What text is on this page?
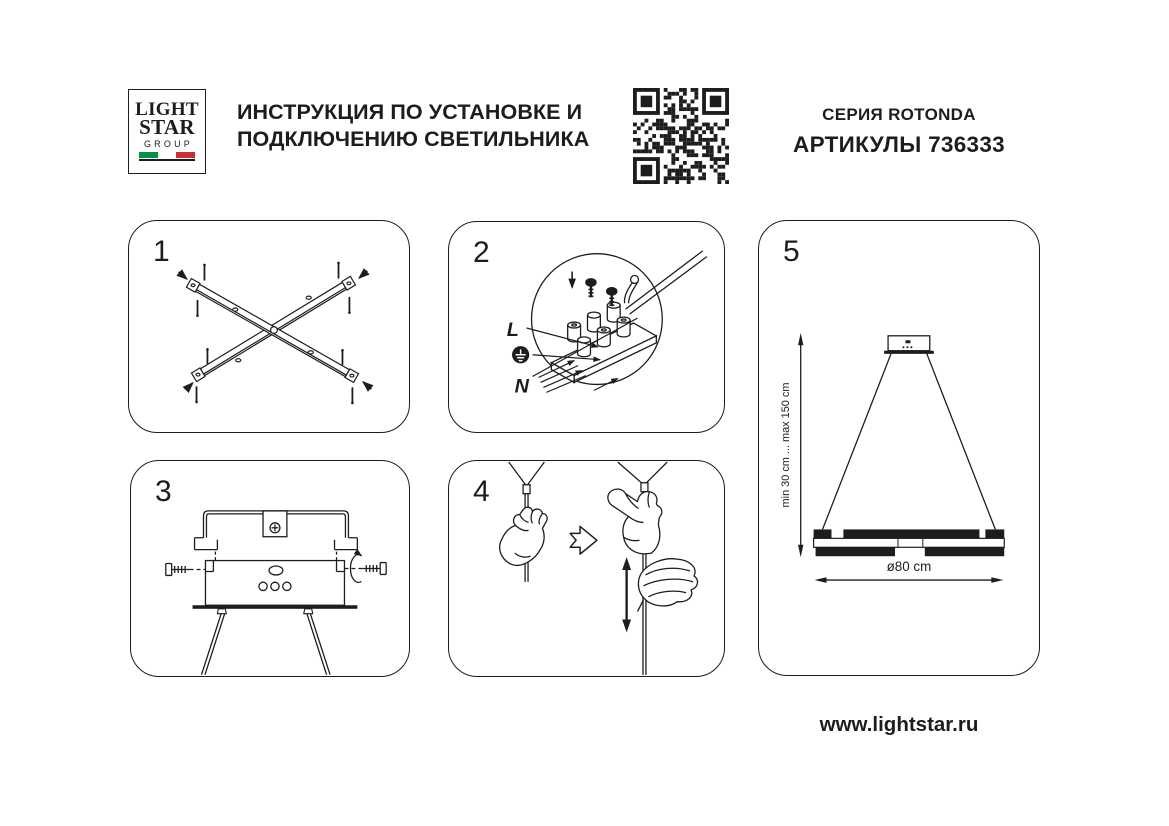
LIGHT
STAR
GROUP
ИНСТРУКЦИЯ ПО УСТАНОВКЕ И
ПОДКЛЮЧЕНИЮ СВЕТИЛЬНИКА
СЕРИЯ ROTONDA
АРТИКУЛЫ 736333
1	2
L
N
3	4
5
min 30 cm ... max 150 cm
ø80 cm
www.lightstar.ru
